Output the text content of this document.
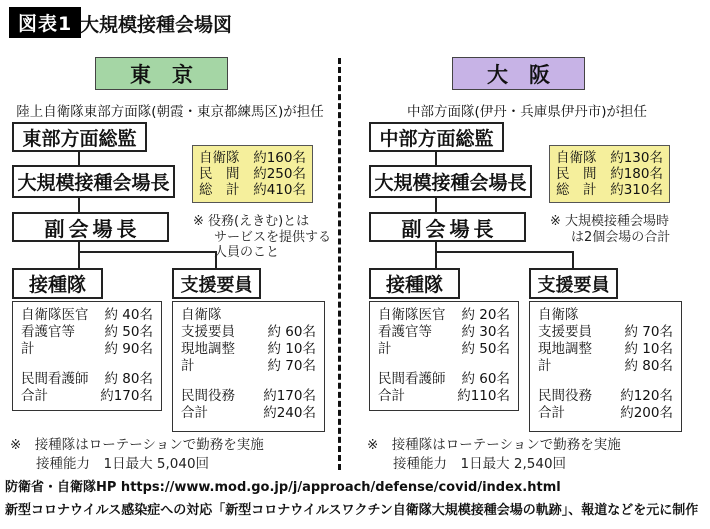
図表1 大規模接種会場図
東　京
陸上自衛隊東部方面隊(朝霞・東京都練馬区)が担任
東部方面総監
大規模接種会場長
副会場長
自衛隊 約160名
民　間 約250名
総　計 約410名
※ 役務(えきむ)とは
サービスを提供する
人員のこと
接種隊	支援要員
自衛隊医官 約 40名
看護官等 約 50名
計	約 90名
民間看護師 約 80名
合計	約170名
自衛隊
支援要員 約 60名
現地調整 約 10名
計	約 70名
民間役務 約170名
合計	約240名
※　接種隊はローテーションで勤務を実施
接種能力　1日最大 5,040回
大　阪
中部方面隊(伊丹・兵庫県伊丹市)が担任
中部方面総監
大規模接種会場長
副会場長
自衛隊 約130名
民　間 約180名
総　計 約310名
※ 大規模接種会場時
は2個会場の合計
接種隊	支援要員
自衛隊医官 約 20名
看護官等 約 30名
計	約 50名
民間看護師 約 60名
合計	約110名
自衛隊
支援要員 約 70名
現地調整 約 10名
計	約 80名
民間役務 約120名
合計	約200名
※　接種隊はローテーションで勤務を実施
接種能力　1日最大 2,540回
防衛省・自衛隊HP https://www.mod.go.jp/j/approach/defense/covid/index.html
新型コロナウイルス感染症への対応「新型コロナウイルスワクチン自衛隊大規模接種会場の軌跡」、報道などを元に制作
